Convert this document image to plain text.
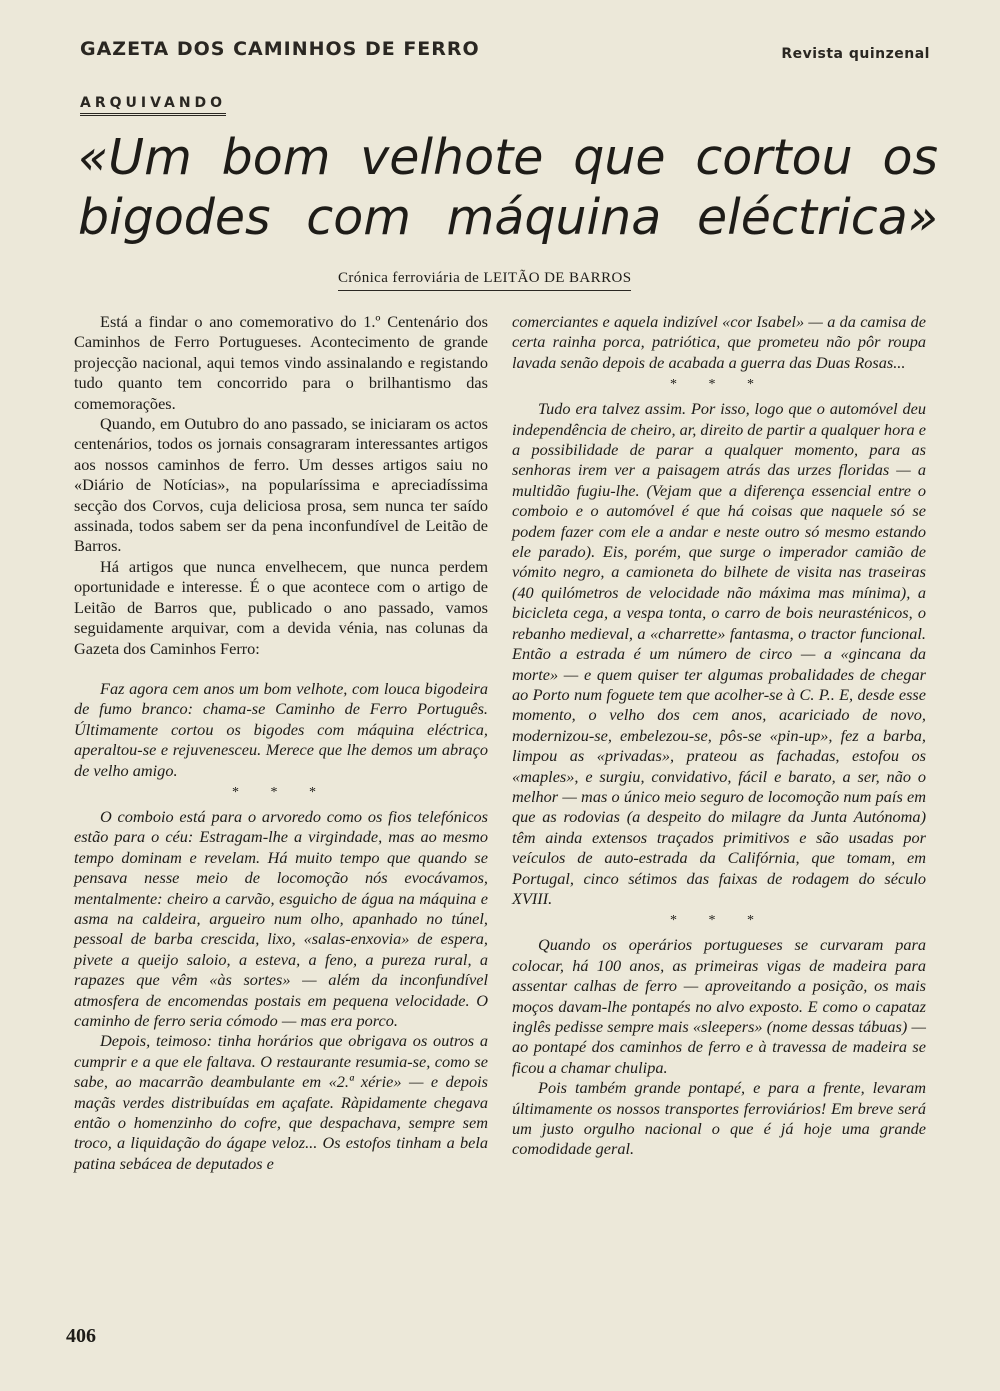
GAZETA DOS CAMINHOS DE FERRO	Revista quinzenal
ARQUIVANDO
«Um bom velhote que cortou os
bigodes com máquina eléctrica»
Crónica ferroviária de LEITÃO DE BARROS

Está a findar o ano comemorativo do 1.º Centenário dos Caminhos de Ferro Portugueses. Acontecimento de grande projecção nacional, aqui temos vindo assinalando e registando tudo quanto tem concorrido para o brilhantismo das comemorações.

Quando, em Outubro do ano passado, se iniciaram os actos centenários, todos os jornais consagraram interessantes artigos aos nossos caminhos de ferro. Um desses artigos saiu no «Diário de Notícias», na popularíssima e apreciadíssima secção dos Corvos, cuja deliciosa prosa, sem nunca ter saído assinada, todos sabem ser da pena inconfundível de Leitão de Barros.

Há artigos que nunca envelhecem, que nunca perdem oportunidade e interesse. É o que acontece com o artigo de Leitão de Barros que, publicado o ano passado, vamos seguidamente arquivar, com a devida vénia, nas colunas da Gazeta dos Caminhos Ferro:

Faz agora cem anos um bom velhote, com louca bigodeira de fumo branco: chama-se Caminho de Ferro Português. Últimamente cortou os bigodes com máquina eléctrica, aperaltou-se e rejuvenesceu. Merece que lhe demos um abraço de velho amigo.

* * *

O comboio está para o arvoredo como os fios telefónicos estão para o céu: Estragam-lhe a virgindade, mas ao mesmo tempo dominam e revelam. Há muito tempo que quando se pensava nesse meio de locomoção nós evocávamos, mentalmente: cheiro a carvão, esguicho de água na máquina e asma na caldeira, argueiro num olho, apanhado no túnel, pessoal de barba crescida, lixo, «salas-enxovia» de espera, pivete a queijo saloio, a esteva, a feno, a pureza rural, a rapazes que vêm «às sortes» — além da inconfundível atmosfera de encomendas postais em pequena velocidade. O caminho de ferro seria cómodo — mas era porco.

Depois, teimoso: tinha horários que obrigava os outros a cumprir e a que ele faltava. O restaurante resumia-se, como se sabe, ao macarrão deambulante em «2.ª xérie» — e depois maçãs verdes distribuídas em açafate. Ràpidamente chegava então o homenzinho do cofre, que despachava, sempre sem troco, a liquidação do ágape veloz... Os estofos tinham a bela patina sebácea de deputados e

comerciantes e aquela indizível «cor Isabel» — a da camisa de certa rainha porca, patriótica, que prometeu não pôr roupa lavada senão depois de acabada a guerra das Duas Rosas...

* * *

Tudo era talvez assim. Por isso, logo que o automóvel deu independência de cheiro, ar, direito de partir a qualquer hora e a possibilidade de parar a qualquer momento, para as senhoras irem ver a paisagem atrás das urzes floridas — a multidão fugiu-lhe. (Vejam que a diferença essencial entre o comboio e o automóvel é que há coisas que naquele só se podem fazer com ele a andar e neste outro só mesmo estando ele parado). Eis, porém, que surge o imperador camião de vómito negro, a camioneta do bilhete de visita nas traseiras (40 quilómetros de velocidade não máxima mas mínima), a bicicleta cega, a vespa tonta, o carro de bois neurasténicos, o rebanho medieval, a «charrette» fantasma, o tractor funcional. Então a estrada é um número de circo — a «gincana da morte» — e quem quiser ter algumas probalidades de chegar ao Porto num foguete tem que acolher-se à C. P.. E, desde esse momento, o velho dos cem anos, acariciado de novo, modernizou-se, embelezou-se, pôs-se «pin-up», fez a barba, limpou as «privadas», prateou as fachadas, estofou os «maples», e surgiu, convidativo, fácil e barato, a ser, não o melhor — mas o único meio seguro de locomoção num país em que as rodovias (a despeito do milagre da Junta Autónoma) têm ainda extensos traçados primitivos e são usadas por veículos de auto-estrada da Califórnia, que tomam, em Portugal, cinco sétimos das faixas de rodagem do século XVIII.

* * *

Quando os operários portugueses se curvaram para colocar, há 100 anos, as primeiras vigas de madeira para assentar calhas de ferro — aproveitando a posição, os mais moços davam-lhe pontapés no alvo exposto. E como o capataz inglês pedisse sempre mais «sleepers» (nome dessas tábuas) — ao pontapé dos caminhos de ferro e à travessa de madeira se ficou a chamar chulipa.

Pois também grande pontapé, e para a frente, levaram últimamente os nossos transportes ferroviários! Em breve será um justo orgulho nacional o que é já hoje uma grande comodidade geral.

406
